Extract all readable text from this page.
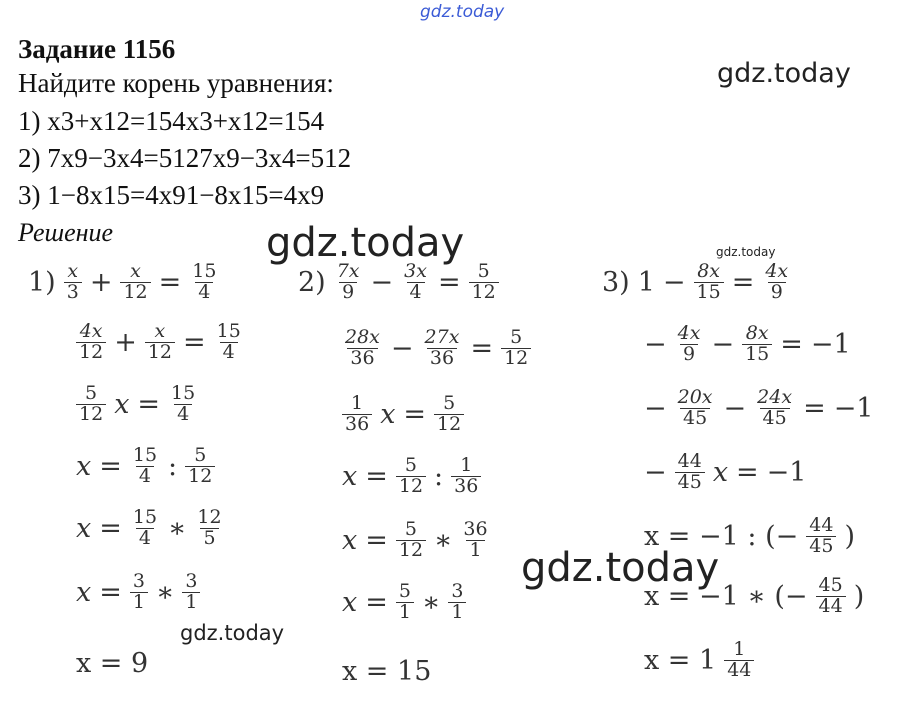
gdz.today
gdz.today
gdz.today	gdz.today
gdz.today
gdz.today
Задание 1156
Найдите корень уравнения:
1) x3+x12=154x3+x12=154
2) 7x9−3x4=5127x9−3x4=512
3) 1−8x15=4x91−8x15=4x9
Решение
$1) \frac{x}{3} + \frac{x}{12} = \frac{15}{4}$
$\frac{4x}{12} + \frac{x}{12} = \frac{15}{4}$
$\frac{5}{12}$ $x = \frac{15}{4}$
$x = \frac{15}{4}$ : $\frac{5}{12}$
$x = \frac{15}{4}$ ∗ $\frac{12}{5}$
$x = \frac{3}{1}$ ∗ $\frac{3}{1}$
x = 9
$2) \frac{7x}{9} - \frac{3x}{4} = \frac{5}{12}$
$\frac{28x}{36} - \frac{27x}{36} = \frac{5}{12}$
$\frac{1}{36}$ $x = \frac{5}{12}$
$x = \frac{5}{12}$ : $\frac{1}{36}$
$x = \frac{5}{12}$ ∗ $\frac{36}{1}$
$x = \frac{5}{1}$ ∗ $\frac{3}{1}$
x = 15
3) $1 - \frac{8x}{15} = \frac{4x}{9}$
− $\frac{4x}{9} - \frac{8x}{15} = -1$
− $\frac{20x}{45} - \frac{24x}{45} = -1$
− $\frac{44}{45}$ x = −1
x = −1 : (− $\frac{44}{45}$ )
x = −1 ∗ (− $\frac{45}{44}$ )
$x = 1 \frac{1}{44}$
